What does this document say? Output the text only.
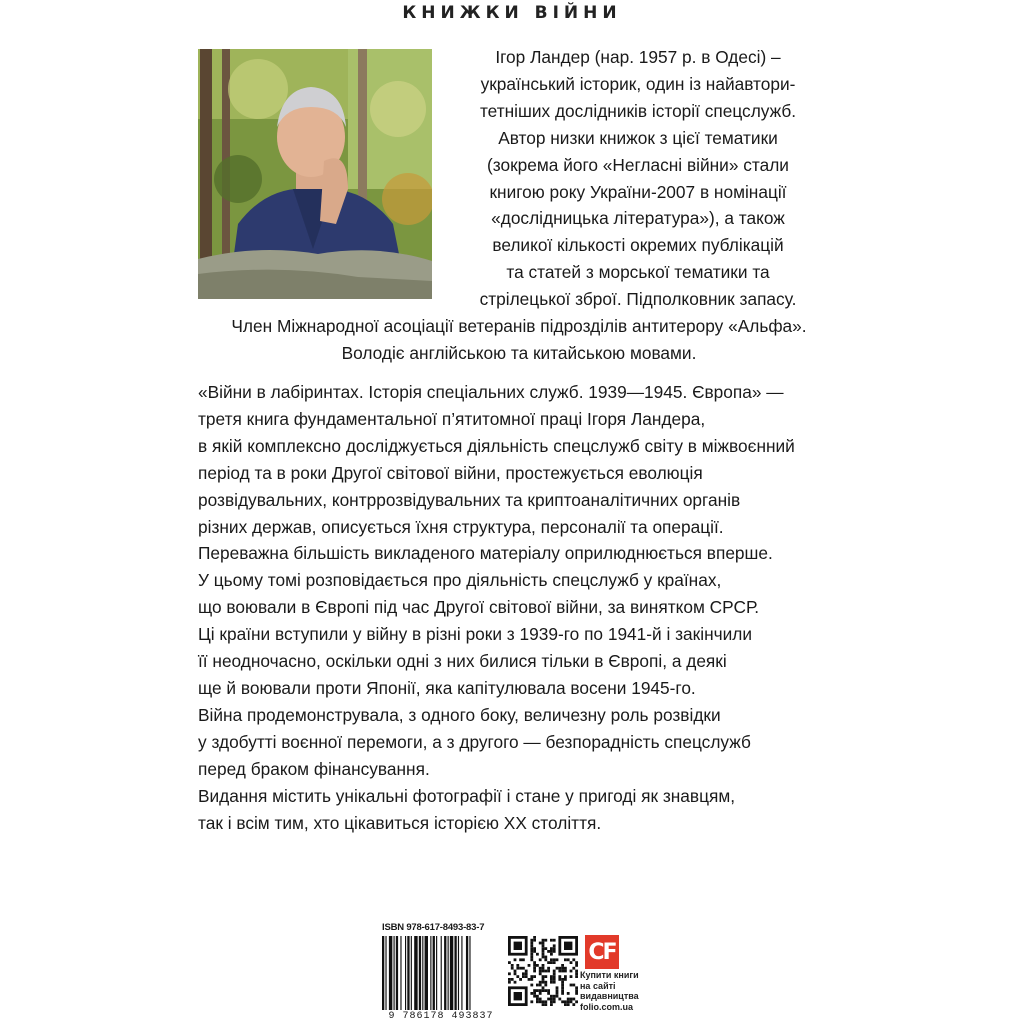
КНИЖКИ ВІЙНИ
Ігор Ландер (нар. 1957 р. в Одесі) –
український історик, один із найавтори-
тетніших дослідників історії спецслужб.
Автор низки книжок з цієї тематики
(зокрема його «Негласні війни» стали
книгою року України-2007 в номінації
«дослідницька література»), а також
великої кількості окремих публікацій
та статей з морської тематики та
стрілецької зброї. Підполковник запасу.
Член Міжнародної асоціації ветеранів підрозділів антитерору «Альфа».
Володіє англійською та китайською мовами.
«Війни в лабіринтах. Історія спеціальних служб. 1939—1945. Європа» —
третя книга фундаментальної п’ятитомної праці Ігоря Ландера,
в якій комплексно досліджується діяльність спецслужб світу в міжвоєнний
період та в роки Другої світової війни, простежується еволюція
розвідувальних, контррозвідувальних та криптоаналітичних органів
різних держав, описується їхня структура, персоналії та операції.
Переважна більшість викладеного матеріалу оприлюднюється вперше.
У цьому томі розповідається про діяльність спецслужб у країнах,
що воювали в Європі під час Другої світової війни, за винятком СРСР.
Ці країни вступили у війну в різні роки з 1939-го по 1941-й і закінчили
її неодночасно, оскільки одні з них билися тільки в Європі, а деякі
ще й воювали проти Японії, яка капітулювала восени 1945-го.
Війна продемонструвала, з одного боку, величезну роль розвідки
у здобутті воєнної перемоги, а з другого — безпорадність спецслужб
перед браком фінансування.
Видання містить унікальні фотографії і стане у пригоді як знавцям,
так і всім тим, хто цікавиться історією XX століття.
ISBN 978-617-8493-83-7
9 786178 493837
CF
Купити книги
на сайті
видавництва
folio.com.ua
